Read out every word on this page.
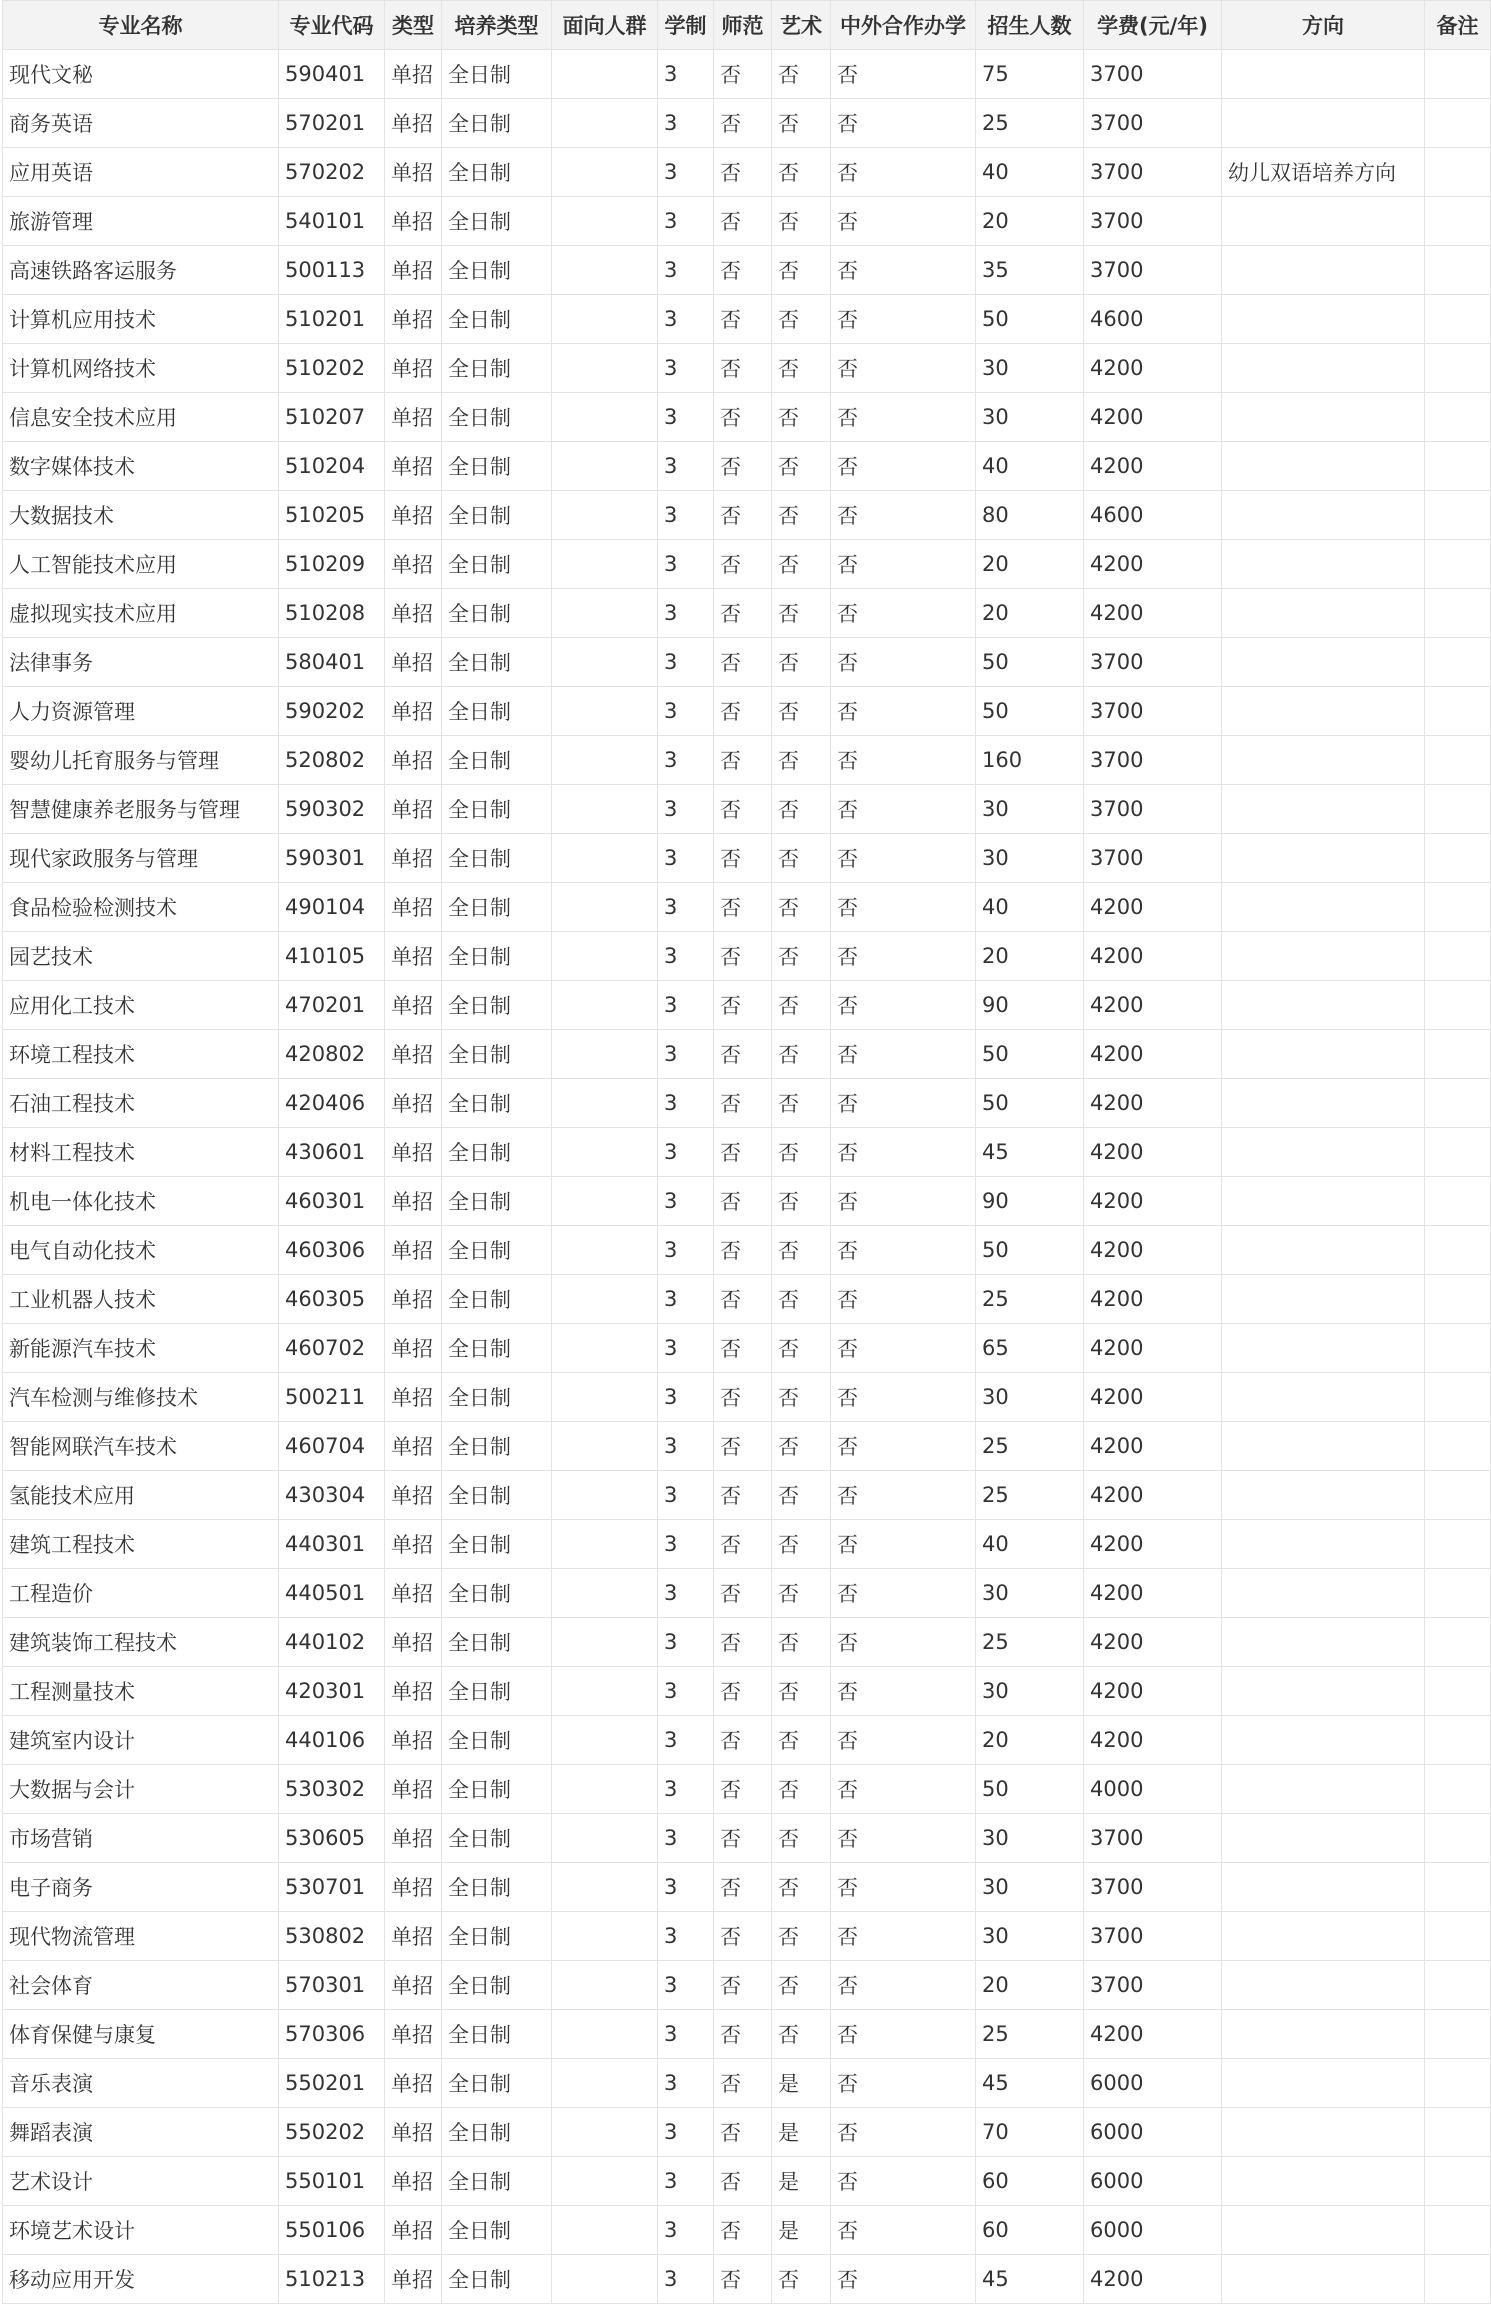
专业名称	专业代码	类型	培养类型	面向人群	学制	师范	艺术	中外合作办学	招生人数	学费(元/年)	方向	备注
现代文秘	590401	单招	全日制		3	否	否	否	75	3700		
商务英语	570201	单招	全日制		3	否	否	否	25	3700		
应用英语	570202	单招	全日制		3	否	否	否	40	3700	幼儿双语培养方向	
旅游管理	540101	单招	全日制		3	否	否	否	20	3700		
高速铁路客运服务	500113	单招	全日制		3	否	否	否	35	3700		
计算机应用技术	510201	单招	全日制		3	否	否	否	50	4600		
计算机网络技术	510202	单招	全日制		3	否	否	否	30	4200		
信息安全技术应用	510207	单招	全日制		3	否	否	否	30	4200		
数字媒体技术	510204	单招	全日制		3	否	否	否	40	4200		
大数据技术	510205	单招	全日制		3	否	否	否	80	4600		
人工智能技术应用	510209	单招	全日制		3	否	否	否	20	4200		
虚拟现实技术应用	510208	单招	全日制		3	否	否	否	20	4200		
法律事务	580401	单招	全日制		3	否	否	否	50	3700		
人力资源管理	590202	单招	全日制		3	否	否	否	50	3700		
婴幼儿托育服务与管理	520802	单招	全日制		3	否	否	否	160	3700		
智慧健康养老服务与管理	590302	单招	全日制		3	否	否	否	30	3700		
现代家政服务与管理	590301	单招	全日制		3	否	否	否	30	3700		
食品检验检测技术	490104	单招	全日制		3	否	否	否	40	4200		
园艺技术	410105	单招	全日制		3	否	否	否	20	4200		
应用化工技术	470201	单招	全日制		3	否	否	否	90	4200		
环境工程技术	420802	单招	全日制		3	否	否	否	50	4200		
石油工程技术	420406	单招	全日制		3	否	否	否	50	4200		
材料工程技术	430601	单招	全日制		3	否	否	否	45	4200		
机电一体化技术	460301	单招	全日制		3	否	否	否	90	4200		
电气自动化技术	460306	单招	全日制		3	否	否	否	50	4200		
工业机器人技术	460305	单招	全日制		3	否	否	否	25	4200		
新能源汽车技术	460702	单招	全日制		3	否	否	否	65	4200		
汽车检测与维修技术	500211	单招	全日制		3	否	否	否	30	4200		
智能网联汽车技术	460704	单招	全日制		3	否	否	否	25	4200		
氢能技术应用	430304	单招	全日制		3	否	否	否	25	4200		
建筑工程技术	440301	单招	全日制		3	否	否	否	40	4200		
工程造价	440501	单招	全日制		3	否	否	否	30	4200		
建筑装饰工程技术	440102	单招	全日制		3	否	否	否	25	4200		
工程测量技术	420301	单招	全日制		3	否	否	否	30	4200		
建筑室内设计	440106	单招	全日制		3	否	否	否	20	4200		
大数据与会计	530302	单招	全日制		3	否	否	否	50	4000		
市场营销	530605	单招	全日制		3	否	否	否	30	3700		
电子商务	530701	单招	全日制		3	否	否	否	30	3700		
现代物流管理	530802	单招	全日制		3	否	否	否	30	3700		
社会体育	570301	单招	全日制		3	否	否	否	20	3700		
体育保健与康复	570306	单招	全日制		3	否	否	否	25	4200		
音乐表演	550201	单招	全日制		3	否	是	否	45	6000		
舞蹈表演	550202	单招	全日制		3	否	是	否	70	6000		
艺术设计	550101	单招	全日制		3	否	是	否	60	6000		
环境艺术设计	550106	单招	全日制		3	否	是	否	60	6000		
移动应用开发	510213	单招	全日制		3	否	否	否	45	4200		
